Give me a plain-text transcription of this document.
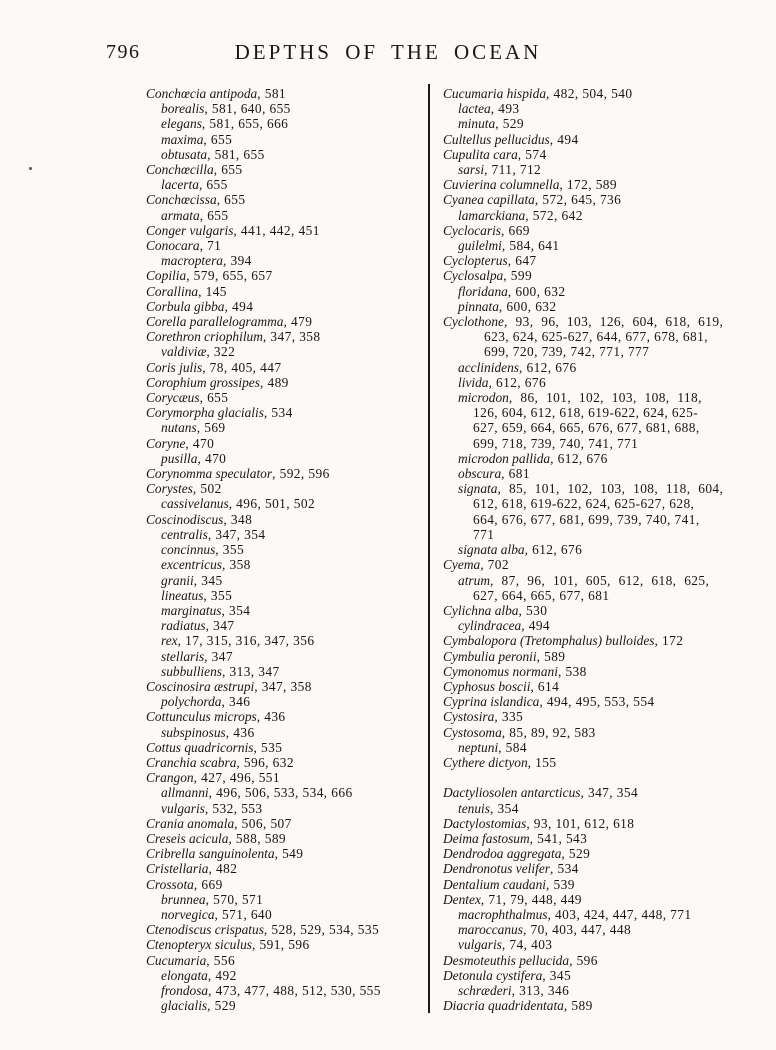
796	DEPTHS OF THE OCEAN
Conchœcia antipoda, 581
borealis, 581, 640, 655
elegans, 581, 655, 666
maxima, 655
obtusata, 581, 655
Conchœcilla, 655
lacerta, 655
Conchœcissa, 655
armata, 655
Conger vulgaris, 441, 442, 451
Conocara, 71
macroptera, 394
Copilia, 579, 655, 657
Corallina, 145
Corbula gibba, 494
Corella parallelogramma, 479
Corethron criophilum, 347, 358
valdiviæ, 322
Coris julis, 78, 405, 447
Corophium grossipes, 489
Corycæus, 655
Corymorpha glacialis, 534
nutans, 569
Coryne, 470
pusilla, 470
Corynomma speculator, 592, 596
Corystes, 502
cassivelanus, 496, 501, 502
Coscinodiscus, 348
centralis, 347, 354
concinnus, 355
excentricus, 358
granii, 345
lineatus, 355
marginatus, 354
radiatus, 347
rex, 17, 315, 316, 347, 356
stellaris, 347
subbulliens, 313, 347
Coscinosira æstrupi, 347, 358
polychorda, 346
Cottunculus microps, 436
subspinosus, 436
Cottus quadricornis, 535
Cranchia scabra, 596, 632
Crangon, 427, 496, 551
allmanni, 496, 506, 533, 534, 666
vulgaris, 532, 553
Crania anomala, 506, 507
Creseis acicula, 588, 589
Cribrella sanguinolenta, 549
Cristellaria, 482
Crossota, 669
brunnea, 570, 571
norvegica, 571, 640
Ctenodiscus crispatus, 528, 529, 534, 535
Ctenopteryx siculus, 591, 596
Cucumaria, 556
elongata, 492
frondosa, 473, 477, 488, 512, 530, 555
glacialis, 529
Cucumaria hispida, 482, 504, 540
lactea, 493
minuta, 529
Cultellus pellucidus, 494
Cupulita cara, 574
sarsi, 711, 712
Cuvierina columnella, 172, 589
Cyanea capillata, 572, 645, 736
lamarckiana, 572, 642
Cyclocaris, 669
guilelmi, 584, 641
Cyclopterus, 647
Cyclosalpa, 599
floridana, 600, 632
pinnata, 600, 632
Cyclothone, 93, 96, 103, 126, 604, 618, 619,
623, 624, 625-627, 644, 677, 678, 681,
699, 720, 739, 742, 771, 777
acclinidens, 612, 676
livida, 612, 676
microdon, 86, 101, 102, 103, 108, 118,
126, 604, 612, 618, 619-622, 624, 625-
627, 659, 664, 665, 676, 677, 681, 688,
699, 718, 739, 740, 741, 771
microdon pallida, 612, 676
obscura, 681
signata, 85, 101, 102, 103, 108, 118, 604,
612, 618, 619-622, 624, 625-627, 628,
664, 676, 677, 681, 699, 739, 740, 741,
771
signata alba, 612, 676
Cyema, 702
atrum, 87, 96, 101, 605, 612, 618, 625,
627, 664, 665, 677, 681
Cylichna alba, 530
cylindracea, 494
Cymbalopora (Tretomphalus) bulloides, 172
Cymbulia peronii, 589
Cymonomus normani, 538
Cyphosus boscii, 614
Cyprina islandica, 494, 495, 553, 554
Cystosira, 335
Cystosoma, 85, 89, 92, 583
neptuni, 584
Cythere dictyon, 155
Dactyliosolen antarcticus, 347, 354
tenuis, 354
Dactylostomias, 93, 101, 612, 618
Deima fastosum, 541, 543
Dendrodoa aggregata, 529
Dendronotus velifer, 534
Dentalium caudani, 539
Dentex, 71, 79, 448, 449
macrophthalmus, 403, 424, 447, 448, 771
maroccanus, 70, 403, 447, 448
vulgaris, 74, 403
Desmoteuthis pellucida, 596
Detonula cystifera, 345
schræderi, 313, 346
Diacria quadridentata, 589
